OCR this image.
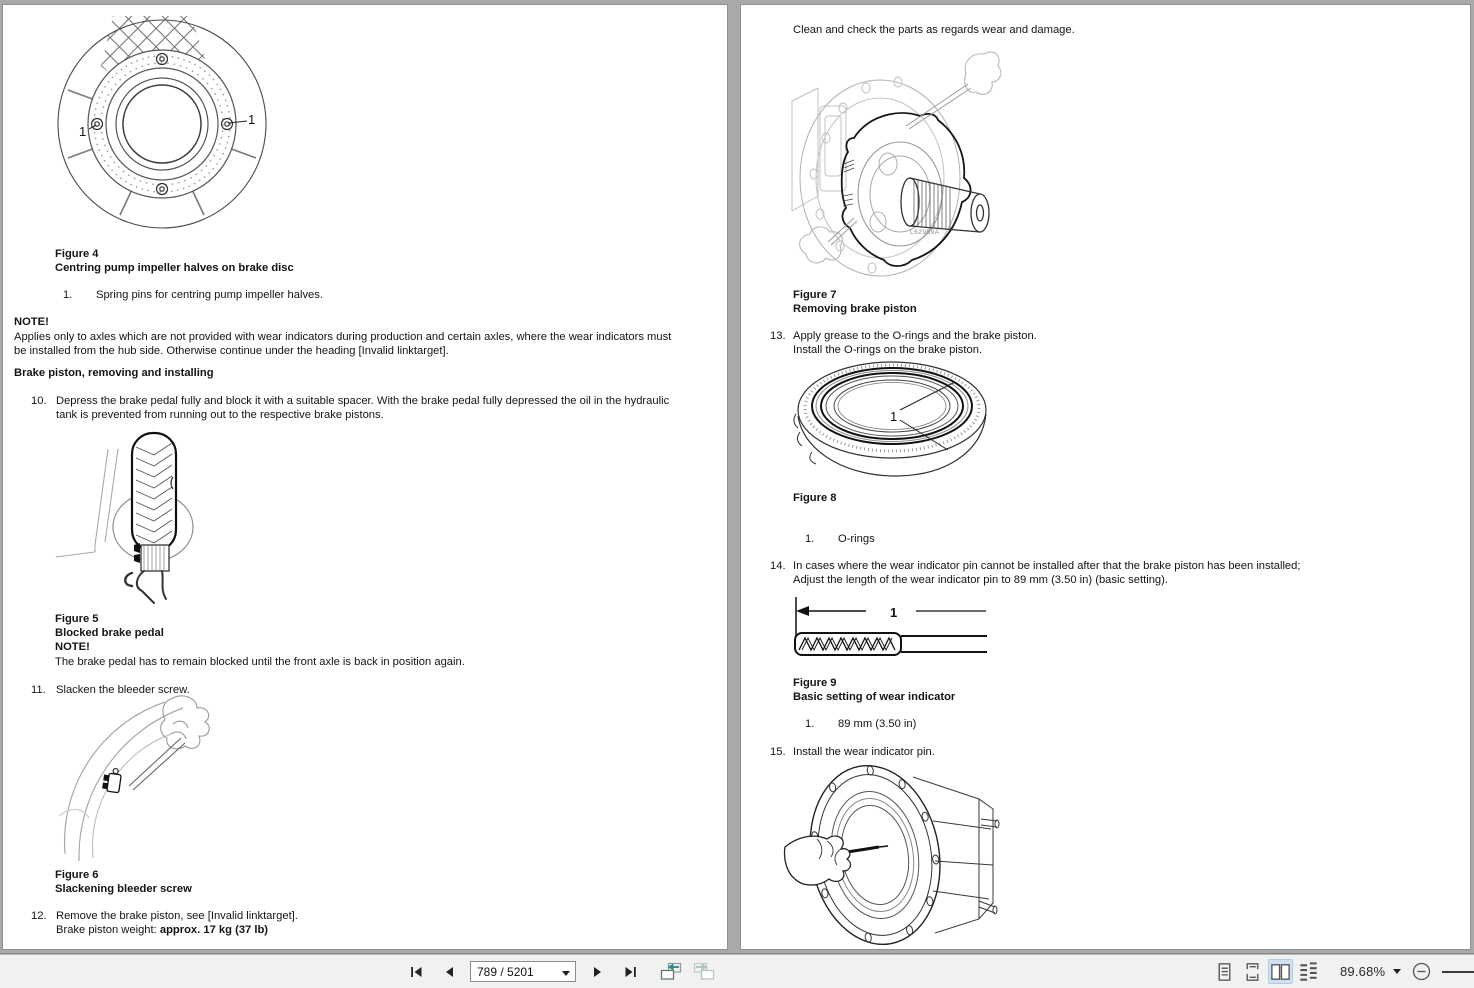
1
1
Figure 4
Centring pump impeller halves on brake disc
1. Spring pins for centring pump impeller halves.
NOTE!
Applies only to axles which are not provided with wear indicators during production and certain axles, where the wear indicators must
be installed from the hub side. Otherwise continue under the heading [Invalid linktarget].
Brake piston, removing and installing
10. Depress the brake pedal fully and block it with a suitable spacer. With the brake pedal fully depressed the oil in the hydraulic
tank is prevented from running out to the respective brake pistons.
Figure 5
Blocked brake pedal
NOTE!
The brake pedal has to remain blocked until the front axle is back in position again.
11. Slacken the bleeder screw.
Figure 6
Slackening bleeder screw
12. Remove the brake piston, see [Invalid linktarget].
Brake piston weight: approx. 17 kg (37 lb)
Clean and check the parts as regards wear and damage.
L62959A
Figure 7
Removing brake piston
13. Apply grease to the O-rings and the brake piston.
Install the O-rings on the brake piston.
1
Figure 8
1. O-rings
14. In cases where the wear indicator pin cannot be installed after that the brake piston has been installed;
Adjust the length of the wear indicator pin to 89 mm (3.50 in) (basic setting).
1
Figure 9
Basic setting of wear indicator
1. 89 mm (3.50 in)
15. Install the wear indicator pin.
789 / 5201	89.68%
